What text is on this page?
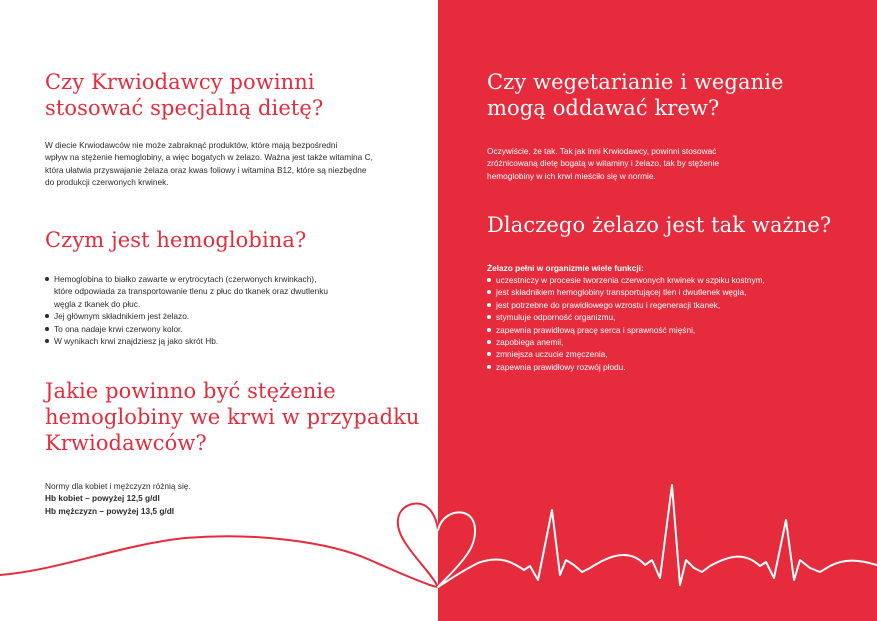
Czy Krwiodawcy powinni
stosować specjalną dietę?

W diecie Krwiodawców nie może zabraknąć produktów, które mają bezpośredni
wpływ na stężenie hemoglobiny, a więc bogatych w żelazo. Ważna jest także witamina C,
która ułatwia przyswajanie żelaza oraz kwas foliowy i witamina B12, które są niezbędne
do produkcji czerwonych krwinek.

Czym jest hemoglobina?
Hemoglobina to białko zawarte w erytrocytach (czerwonych krwinkach),
które odpowiada za transportowanie tlenu z płuc do tkanek oraz dwutlenku
węgla z tkanek do płuc.
Jej głównym składnikiem jest żelazo.
To ona nadaje krwi czerwony kolor.
W wynikach krwi znajdziesz ją jako skrót Hb.
Jakie powinno być stężenie
hemoglobiny we krwi w przypadku
Krwiodawców?

Normy dla kobiet i mężczyzn różnią się.
Hb kobiet – powyżej 12,5 g/dl
Hb mężczyzn – powyżej 13,5 g/dl

Czy wegetarianie i weganie
mogą oddawać krew?

Oczywiście, że tak. Tak jak inni Krwiodawcy, powinni stosować
zróżnicowaną dietę bogatą w witaminy i żelazo, tak by stężenie
hemoglobiny w ich krwi mieściło się w normie.

Dlaczego żelazo jest tak ważne?

Żelazo pełni w organizmie wiele funkcji:

uczestniczy w procesie tworzenia czerwonych krwinek w szpiku kostnym,
jest składnikiem hemoglobiny transportującej tlen i dwutlenek węgla,
jest potrzebne do prawidłowego wzrostu i regeneracji tkanek,
stymuluje odporność organizmu,
zapewnia prawidłową pracę serca i sprawność mięśni,
zapobiega anemii,
zmniejsza uczucie zmęczenia,
zapewnia prawidłowy rozwój płodu.
